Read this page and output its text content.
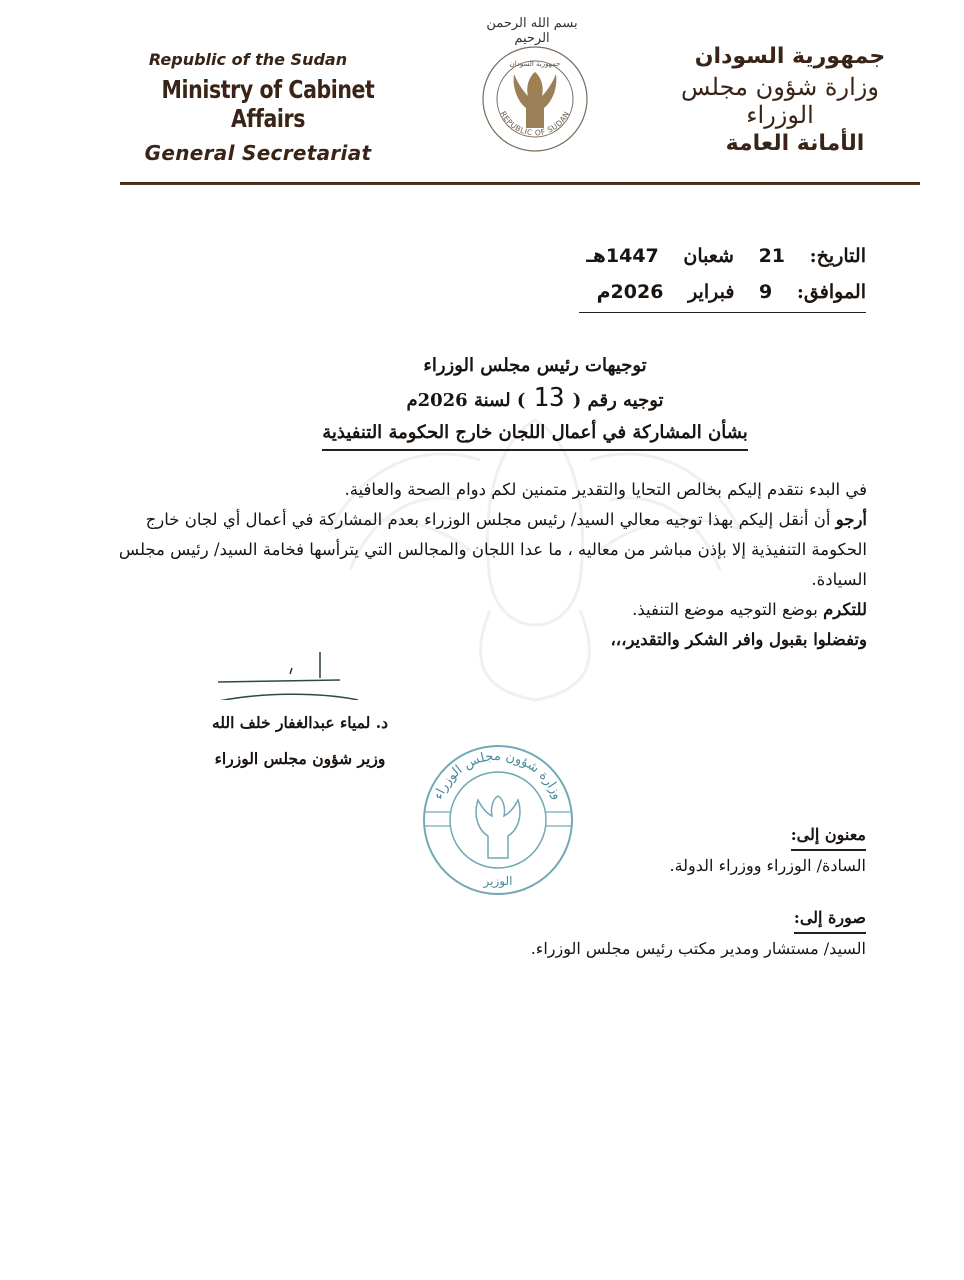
Republic of the Sudan
Ministry of Cabinet Affairs
General Secretariat
بسم الله الرحمن الرحيم
جمهورية السودان
REPUBLIC OF SUDAN
جمهورية السودان
وزارة شؤون مجلس الوزراء
الأمانة العامة
التاريخ: 21 شعبان 1447هـ
الموافق: 9 فبراير 2026م
توجيهات رئيس مجلس الوزراء
توجيه رقم (13) لسنة 2026م
بشأن المشاركة في أعمال اللجان خارج الحكومة التنفيذية

في البدء نتقدم إليكم بخالص التحايا والتقدير متمنين لكم دوام الصحة والعافية.

أرجو أن أنقل إليكم بهذا توجيه معالي السيد/ رئيس مجلس الوزراء بعدم المشاركة في أعمال أي لجان خارج الحكومة التنفيذية إلا بإذن مباشر من معاليه ، ما عدا اللجان والمجالس التي يترأسها فخامة السيد/ رئيس مجلس السيادة.

للتكرم بوضع التوجيه موضع التنفيذ.

وتفضلوا بقبول وافر الشكر والتقدير،،،

د. لمياء عبدالغفار خلف الله
وزير شؤون مجلس الوزراء
وزارة شؤون مجلس الوزراء
الوزير
معنون إلى:
السادة/ الوزراء ووزراء الدولة.
صورة إلى:
السيد/ مستشار ومدير مكتب رئيس مجلس الوزراء.
